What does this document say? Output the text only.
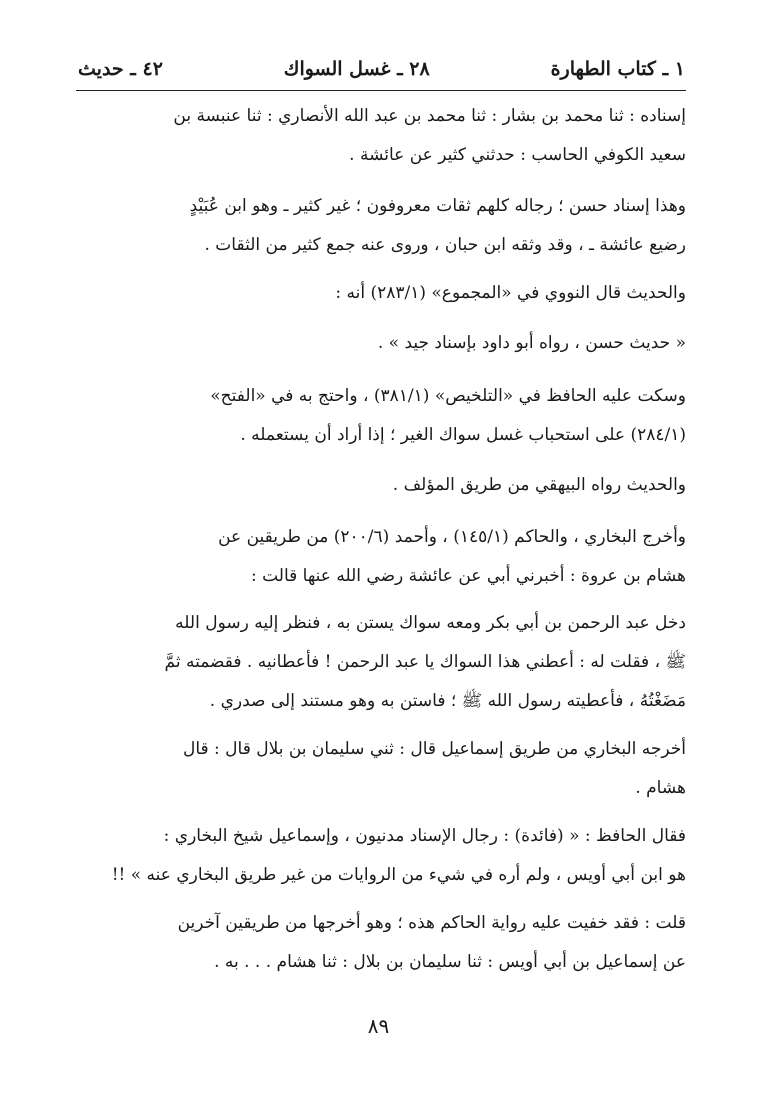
١ ـ كتاب الطهارة
٢٨ ـ غسل السواك
٤٢ ـ حديث
إسناده : ثنا محمد بن بشار : ثنا محمد بن عبد الله الأنصاري : ثنا عنبسة بن
سعيد الكوفي الحاسب : حدثني كثير عن عائشة .
وهذا إسناد حسن ؛ رجاله كلهم ثقات معروفون ؛ غير كثير ـ وهو ابن عُبَيْدٍ
رضيع عائشة ـ ، وقد وثقه ابن حبان ، وروى عنه جمع كثير من الثقات .
والحديث قال النووي في «المجموع» (٢٨٣/١) أنه :
« حديث حسن ، رواه أبو داود بإسناد جيد » .
وسكت عليه الحافظ في «التلخيص» (٣٨١/١) ، واحتج به في «الفتح»
(٢٨٤/١) على استحباب غسل سواك الغير ؛ إذا أراد أن يستعمله .
والحديث رواه البيهقي من طريق المؤلف .
وأخرج البخاري ، والحاكم (١٤٥/١) ، وأحمد (٢٠٠/٦) من طريقين عن
هشام بن عروة : أخبرني أبي عن عائشة رضي الله عنها قالت :
دخل عبد الرحمن بن أبي بكر ومعه سواك يستن به ، فنظر إليه رسول الله
ﷺ ، فقلت له : أعطني هذا السواك يا عبد الرحمن ! فأعطانيه . فقضمته ثمَّ
مَضَغْتُهُ ، فأعطيته رسول الله ﷺ ؛ فاستن به وهو مستند إلى صدري .
أخرجه البخاري من طريق إسماعيل قال : ثني سليمان بن بلال قال : قال
هشام .
فقال الحافظ : « (فائدة) : رجال الإسناد مدنيون ، وإسماعيل شيخ البخاري :
هو ابن أبي أويس ، ولم أره في شيء من الروايات من غير طريق البخاري عنه » !!
قلت : فقد خفيت عليه رواية الحاكم هذه ؛ وهو أخرجها من طريقين آخرين
عن إسماعيل بن أبي أويس : ثنا سليمان بن بلال : ثنا هشام . . . به .
٨٩
